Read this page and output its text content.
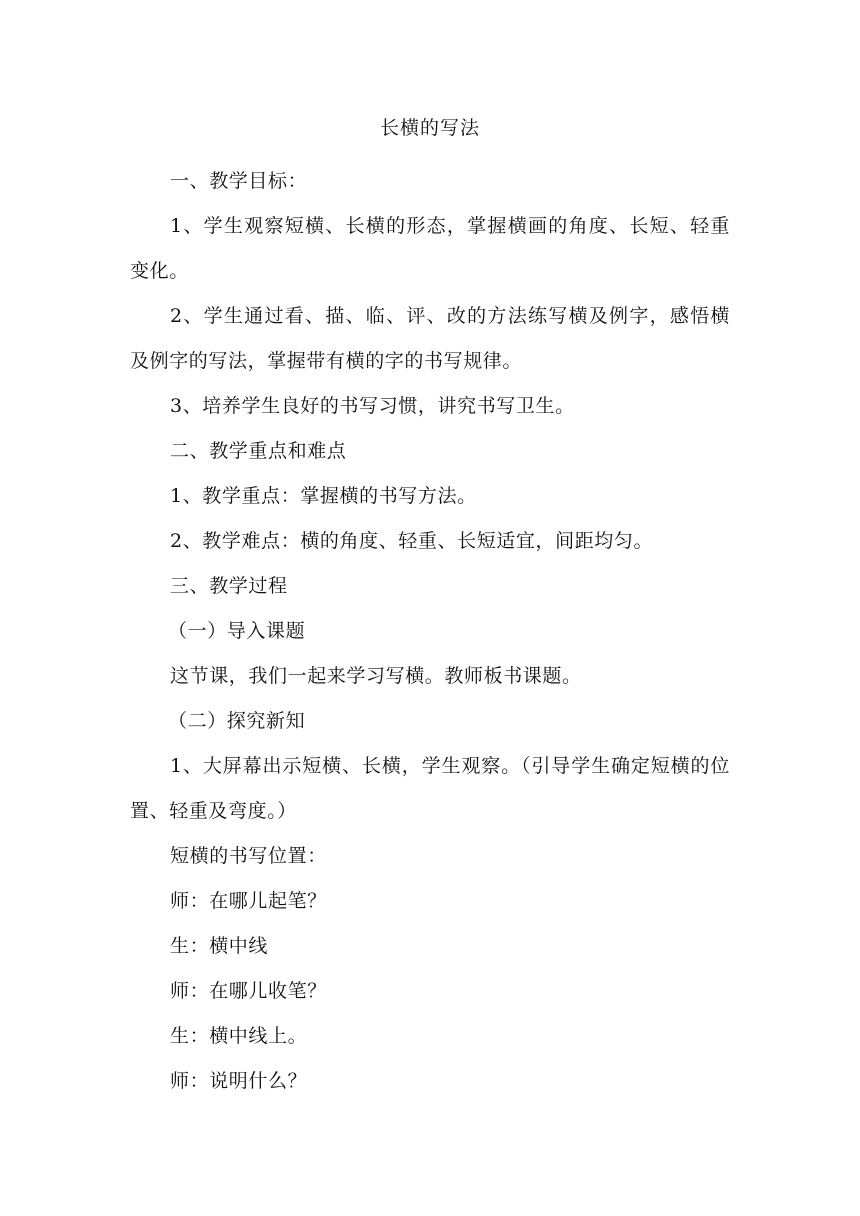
长横的写法

一、教学目标：

1、学生观察短横、长横的形态，掌握横画的角度、长短、轻重变化。

2、学生通过看、描、临、评、改的方法练写横及例字，感悟横及例字的写法，掌握带有横的字的书写规律。

3、培养学生良好的书写习惯，讲究书写卫生。

二、教学重点和难点

1、教学重点：掌握横的书写方法。

2、教学难点：横的角度、轻重、长短适宜，间距均匀。

三、教学过程

（一）导入课题

这节课，我们一起来学习写横。教师板书课题。

（二）探究新知

1、大屏幕出示短横、长横，学生观察。（引导学生确定短横的位置、轻重及弯度。）

短横的书写位置：

师：在哪儿起笔？

生：横中线

师：在哪儿收笔？

生：横中线上。

师：说明什么？
